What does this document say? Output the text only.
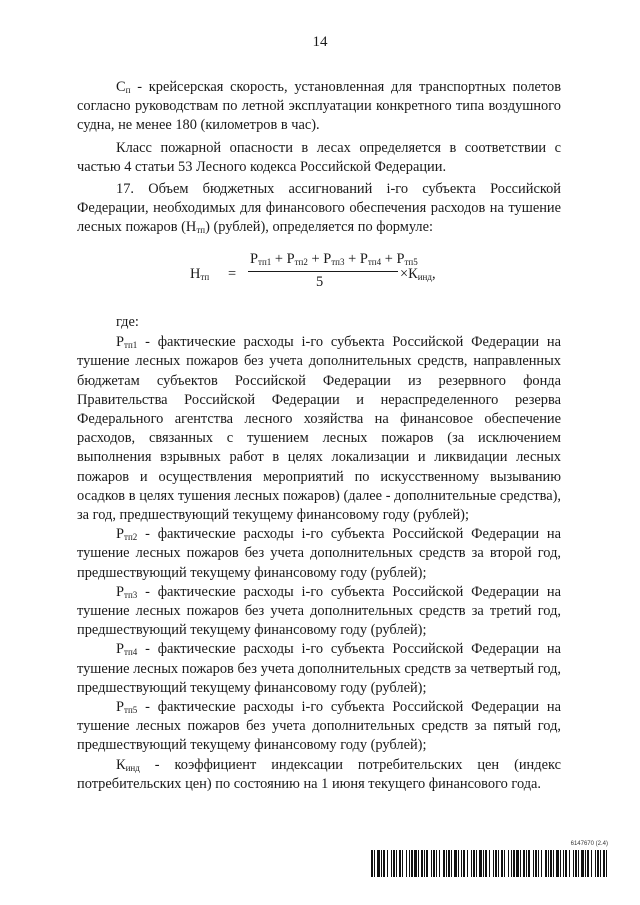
14

$С_п$ - крейсерская скорость, установленная для транспортных полетов согласно руководствам по летной эксплуатации конкретного типа воздушного судна, не менее 180 (километров в час).

Класс пожарной опасности в лесах определяется в соответствии с частью 4 статьи 53 Лесного кодекса Российской Федерации.

17. Объем бюджетных ассигнований i-го субъекта Российской Федерации, необходимых для финансового обеспечения расходов на тушение лесных пожаров $(Н_{тп})$ (рублей), определяется по формуле:

$Н_{тп}$ =
$Р_{тп1} + Р_{тп2} + Р_{тп3} + Р_{тп4} + Р_{тп5}$
5	$\times К_{инд}$,

где:

$Р_{тп1}$ - фактические расходы i-го субъекта Российской Федерации на тушение лесных пожаров без учета дополнительных средств, направленных бюджетам субъектов Российской Федерации из резервного фонда Правительства Российской Федерации и нераспределенного резерва Федерального агентства лесного хозяйства на финансовое обеспечение расходов, связанных с тушением лесных пожаров (за исключением выполнения взрывных работ в целях локализации и ликвидации лесных пожаров и осуществления мероприятий по искусственному вызыванию осадков в целях тушения лесных пожаров) (далее - дополнительные средства), за год, предшествующий текущему финансовому году (рублей);

$Р_{тп2}$ - фактические расходы i-го субъекта Российской Федерации на тушение лесных пожаров без учета дополнительных средств за второй год, предшествующий текущему финансовому году (рублей);

$Р_{тп3}$ - фактические расходы i-го субъекта Российской Федерации на тушение лесных пожаров без учета дополнительных средств за третий год, предшествующий текущему финансовому году (рублей);

$Р_{тп4}$ - фактические расходы i-го субъекта Российской Федерации на тушение лесных пожаров без учета дополнительных средств за четвертый год, предшествующий текущему финансовому году (рублей);

$Р_{тп5}$ - фактические расходы i-го субъекта Российской Федерации на тушение лесных пожаров без учета дополнительных средств за пятый год, предшествующий текущему финансовому году (рублей);

$К_{инд}$ - коэффициент индексации потребительских цен (индекс потребительских цен) по состоянию на 1 июня текущего финансового года.

6147670 (2.4)
